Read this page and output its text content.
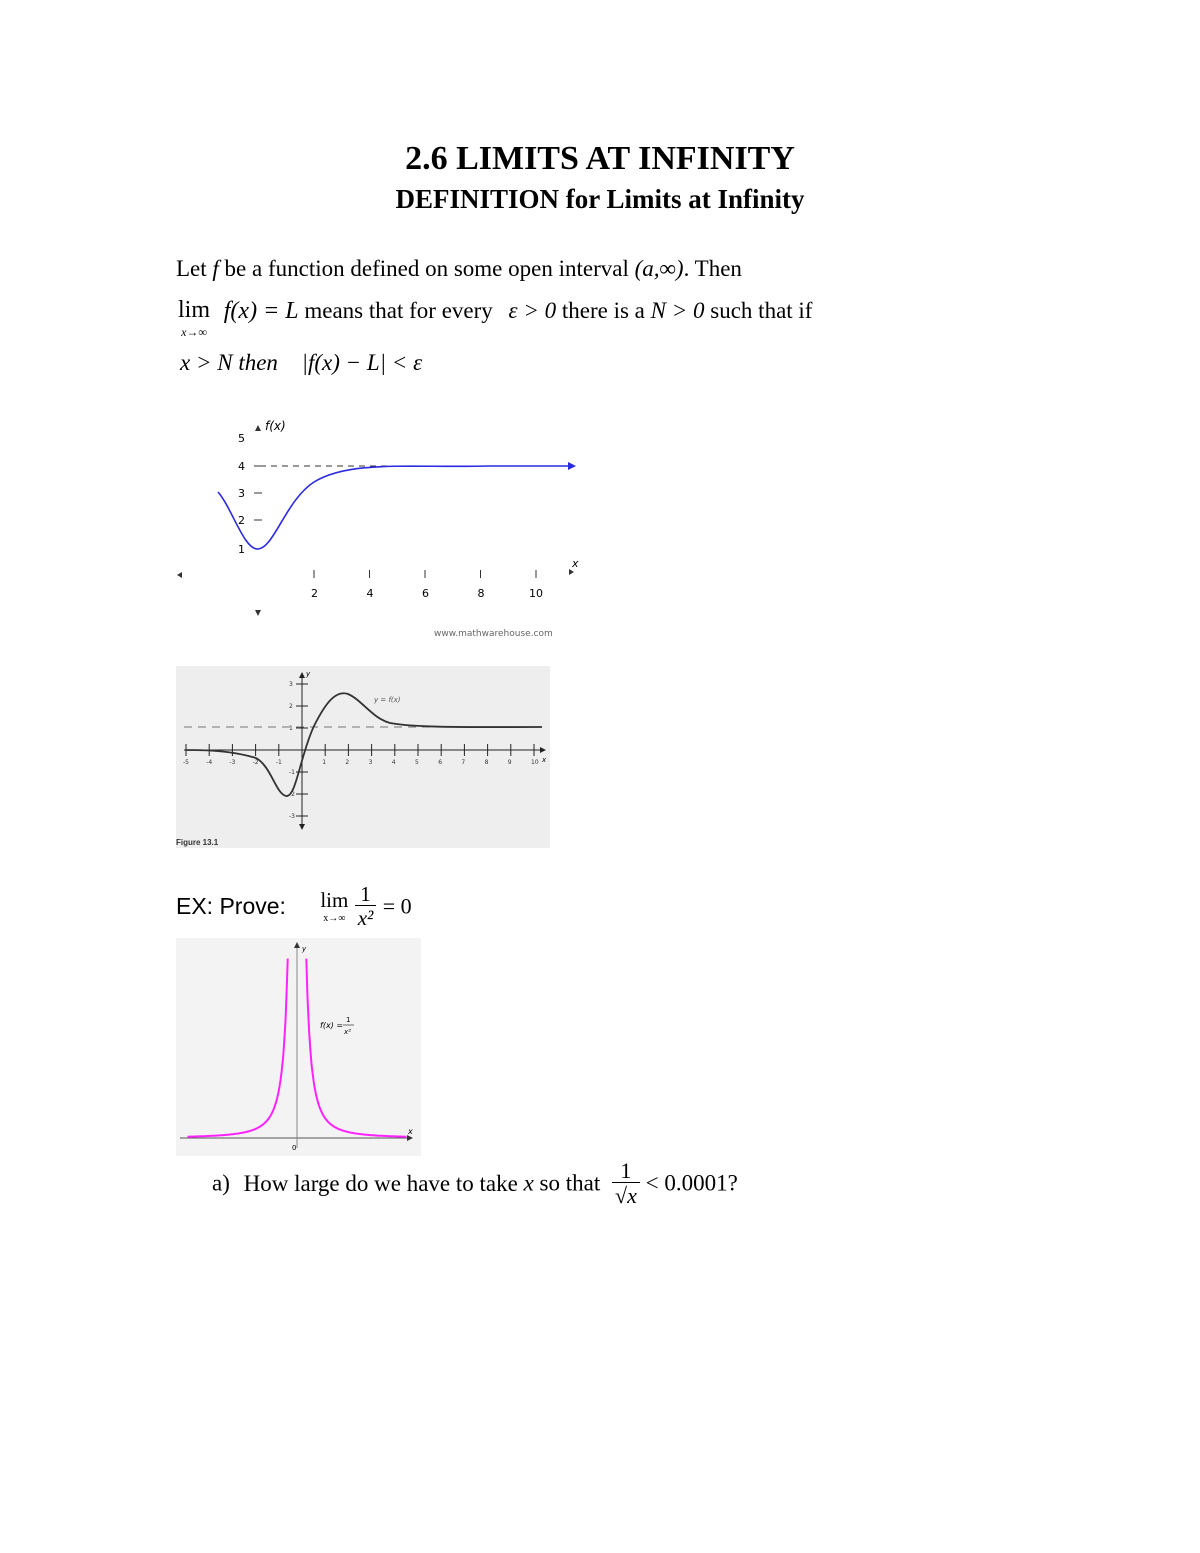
2.6 LIMITS AT INFINITY
DEFINITION for Limits at Infinity
Let f be a function defined on some open interval (a,∞). Then
lim
x→∞
f(x) = L means that for every ε > 0 there is a N > 0 such that if
x > N then |f(x) − L| < ε
f(x)
1
2
3
4
5
x
2	4	6	8	10
www.mathwarehouse.com
y
x
-5	-4	-3	-2	-1	1	2	3	4	5	6	7	8	9	10
3
2
1
-1
-2
-3
y = f(x)
Figure 13.1
EX: Prove: lim
x→∞
$\frac{1}{\text{x²}} = 0$
y
x
0
f(x) =
1
x²
a) How large do we have to take x so that $\frac{1}{√x} < 0.0001$?
